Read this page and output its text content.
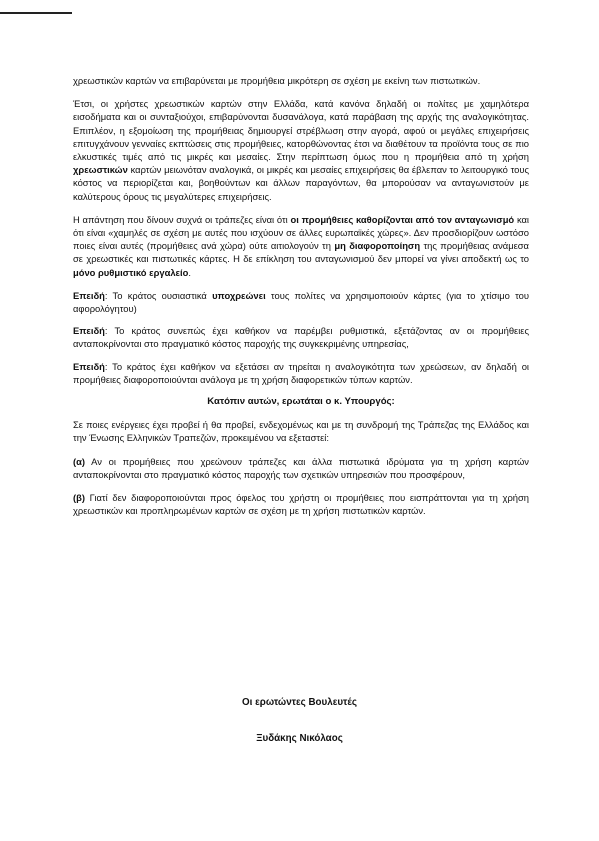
χρεωστικών καρτών να επιβαρύνεται με προμήθεια μικρότερη σε σχέση με εκείνη των πιστωτικών.

Έτσι, οι χρήστες χρεωστικών καρτών στην Ελλάδα, κατά κανόνα δηλαδή οι πολίτες με χαμηλότερα εισοδήματα και οι συνταξιούχοι, επιβαρύνονται δυσανάλογα, κατά παράβαση της αρχής της αναλογικότητας. Επιπλέον, η εξομοίωση της προμήθειας δημιουργεί στρέβλωση στην αγορά, αφού οι μεγάλες επιχειρήσεις επιτυγχάνουν γενναίες εκπτώσεις στις προμήθειες, κατορθώνοντας έτσι να διαθέτουν τα προϊόντα τους σε πιο ελκυστικές τιμές από τις μικρές και μεσαίες. Στην περίπτωση όμως που η προμήθεια από τη χρήση χρεωστικών καρτών μειωνόταν αναλογικά, οι μικρές και μεσαίες επιχειρήσεις θα έβλεπαν το λειτουργικό τους κόστος να περιορίζεται και, βοηθούντων και άλλων παραγόντων, θα μπορούσαν να ανταγωνιστούν με καλύτερους όρους τις μεγαλύτερες επιχειρήσεις.

Η απάντηση που δίνουν συχνά οι τράπεζες είναι ότι οι προμήθειες καθορίζονται από τον ανταγωνισμό και ότι είναι «χαμηλές σε σχέση με αυτές που ισχύουν σε άλλες ευρωπαϊκές χώρες». Δεν προσδιορίζουν ωστόσο ποιες είναι αυτές (προμήθειες ανά χώρα) ούτε αιτιολογούν τη μη διαφοροποίηση της προμήθειας ανάμεσα σε χρεωστικές και πιστωτικές κάρτες. Η δε επίκληση του ανταγωνισμού δεν μπορεί να γίνει αποδεκτή ως το μόνο ρυθμιστικό εργαλείο.

Επειδή: Το κράτος ουσιαστικά υποχρεώνει τους πολίτες να χρησιμοποιούν κάρτες (για το χτίσιμο του αφορολόγητου)

Επειδή: Το κράτος συνεπώς έχει καθήκον να παρέμβει ρυθμιστικά, εξετάζοντας αν οι προμήθειες ανταποκρίνονται στο πραγματικό κόστος παροχής της συγκεκριμένης υπηρεσίας,

Επειδή: Το κράτος έχει καθήκον να εξετάσει αν τηρείται η αναλογικότητα των χρεώσεων, αν δηλαδή οι προμήθειες διαφοροποιούνται ανάλογα με τη χρήση διαφορετικών τύπων καρτών.

Κατόπιν αυτών, ερωτάται ο κ. Υπουργός:

Σε ποιες ενέργειες έχει προβεί ή θα προβεί, ενδεχομένως και με τη συνδρομή της Τράπεζας της Ελλάδος και την Ένωσης Ελληνικών Τραπεζών, προκειμένου να εξεταστεί:

(α) Αν οι προμήθειες που χρεώνουν τράπεζες και άλλα πιστωτικά ιδρύματα για τη χρήση καρτών ανταποκρίνονται στο πραγματικό κόστος παροχής των σχετικών υπηρεσιών που προσφέρουν,

(β) Γιατί δεν διαφοροποιούνται προς όφελος του χρήστη οι προμήθειες που εισπράττονται για τη χρήση χρεωστικών και προπληρωμένων καρτών σε σχέση με τη χρήση πιστωτικών καρτών.

Οι ερωτώντες Βουλευτές
Ξυδάκης Νικόλαος
